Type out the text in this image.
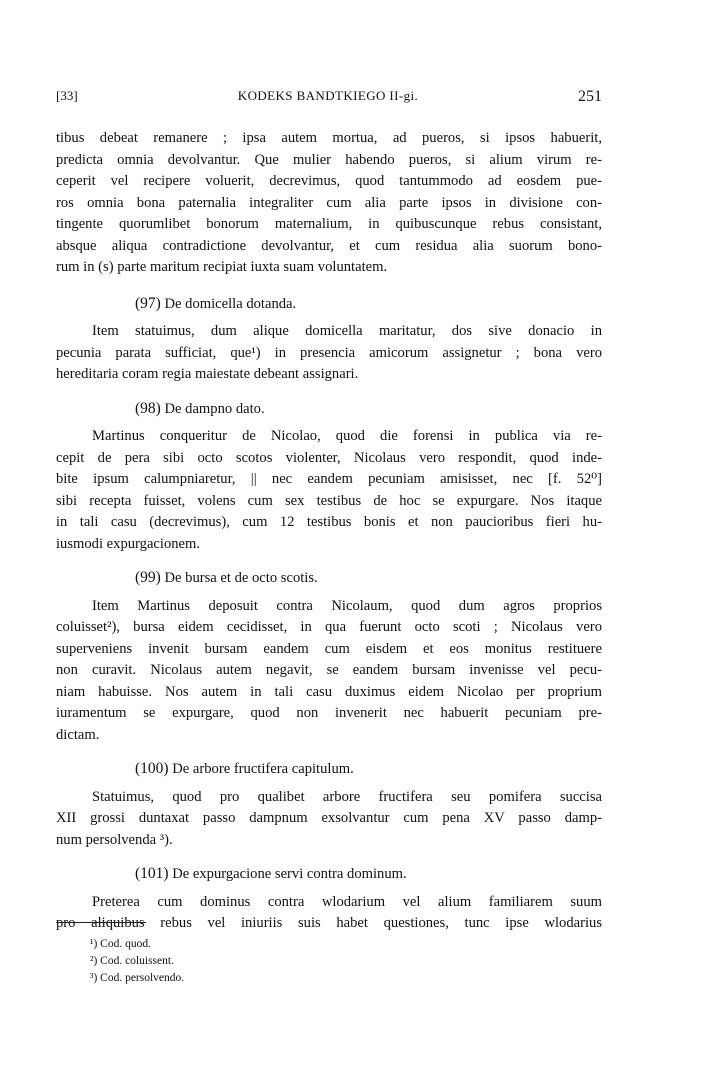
[33]	KODEKS BANDTKIEGO II-gi.	251

tibus debeat remanere ; ipsa autem mortua, ad pueros, si ipsos habuerit,
predicta omnia devolvantur. Que mulier habendo pueros, si alium virum re-
ceperit vel recipere voluerit, decrevimus, quod tantummodo ad eosdem pue-
ros omnia bona paternalia integraliter cum alia parte ipsos in divisione con-
tingente quorumlibet bonorum maternalium, in quibuscunque rebus consistant,
absque aliqua contradictione devolvantur, et cum residua alia suorum bono-
rum in (s) parte maritum recipiat iuxta suam voluntatem.

(97) De domicella dotanda.

Item statuimus, dum alique domicella maritatur, dos sive donacio in
pecunia parata sufficiat, que¹) in presencia amicorum assignetur ; bona vero
hereditaria coram regia maiestate debeant assignari.

(98) De dampno dato.

Martinus conqueritur de Nicolao, quod die forensi in publica via re-
cepit de pera sibi octo scotos violenter, Nicolaus vero respondit, quod inde-
bite ipsum calumpniaretur, || nec eandem pecuniam amisisset, nec [f. 52⁰]
sibi recepta fuisset, volens cum sex testibus de hoc se expurgare. Nos itaque
in tali casu (decrevimus), cum 12 testibus bonis et non paucioribus fieri hu-
iusmodi expurgacionem.

(99) De bursa et de octo scotis.

Item Martinus deposuit contra Nicolaum, quod dum agros proprios
coluisset²), bursa eidem cecidisset, in qua fuerunt octo scoti ; Nicolaus vero
superveniens invenit bursam eandem cum eisdem et eos monitus restituere
non curavit. Nicolaus autem negavit, se eandem bursam invenisse vel pecu-
niam habuisse. Nos autem in tali casu duximus eidem Nicolao per proprium
iuramentum se expurgare, quod non invenerit nec habuerit pecuniam pre-
dictam.

(100) De arbore fructifera capitulum.

Statuimus, quod pro qualibet arbore fructifera seu pomifera succisa
XII grossi duntaxat passo dampnum exsolvantur cum pena XV passo damp-
num persolvenda ³).

(101) De expurgacione servi contra dominum.

Preterea cum dominus contra wlodarium vel alium familiarem suum
pro aliquibus rebus vel iniuriis suis habet questiones, tunc ipse wlodarius

¹) Cod. quod.
²) Cod. coluissent.
³) Cod. persolvendo.
